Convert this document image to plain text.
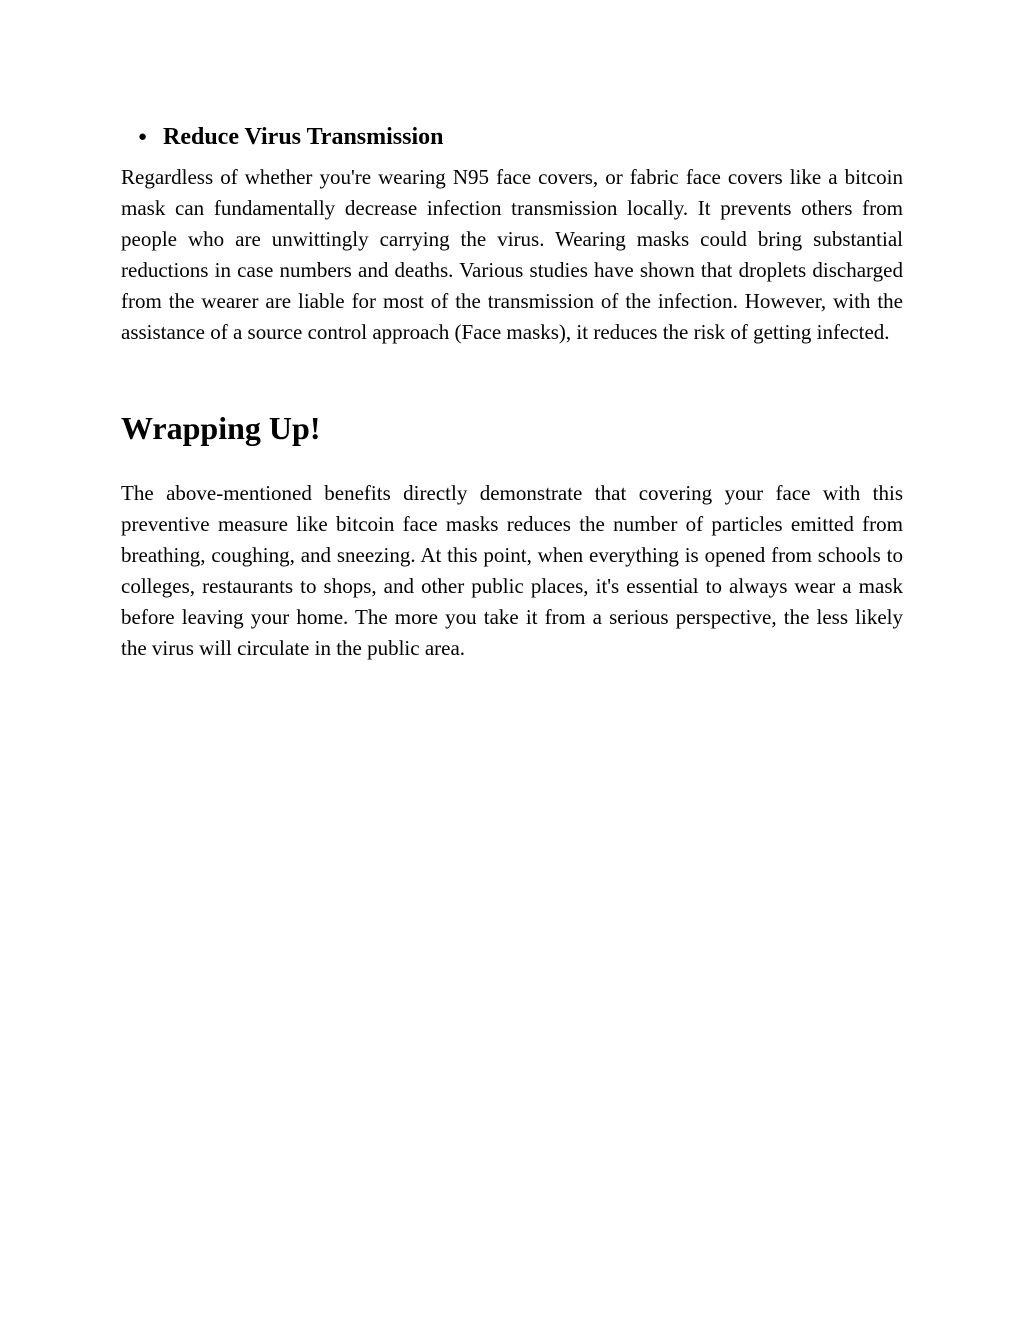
● Reduce Virus Transmission

Regardless of whether you're wearing N95 face covers, or fabric face covers like a bitcoin mask can fundamentally decrease infection transmission locally. It prevents others from people who are unwittingly carrying the virus. Wearing masks could bring substantial reductions in case numbers and deaths. Various studies have shown that droplets discharged from the wearer are liable for most of the transmission of the infection. However, with the assistance of a source control approach (Face masks), it reduces the risk of getting infected.

Wrapping Up!

The above-mentioned benefits directly demonstrate that covering your face with this preventive measure like bitcoin face masks reduces the number of particles emitted from breathing, coughing, and sneezing. At this point, when everything is opened from schools to colleges, restaurants to shops, and other public places, it's essential to always wear a mask before leaving your home. The more you take it from a serious perspective, the less likely the virus will circulate in the public area.
